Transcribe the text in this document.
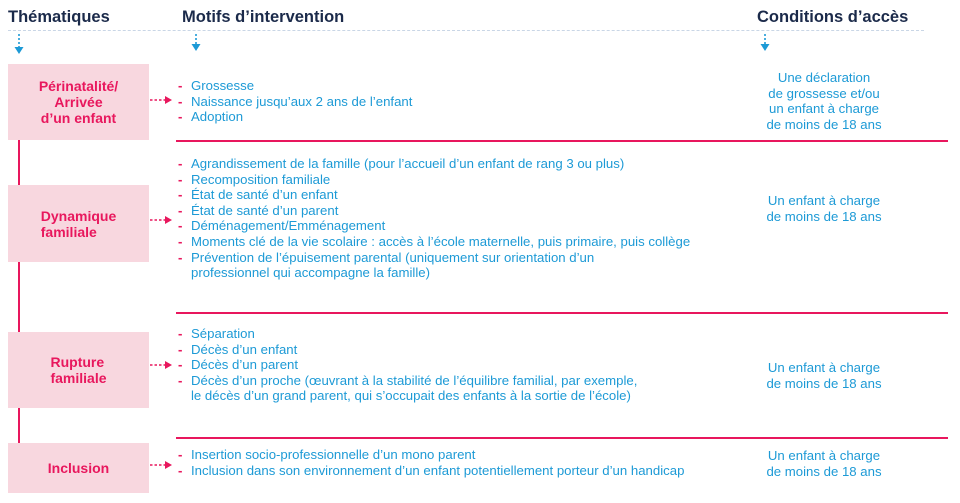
Thématiques	Motifs d’intervention	Conditions d’accès
Périnatalité/
Arrivée
d’un enfant
- Grossesse
- Naissance jusqu’aux 2 ans de l’enfant
- Adoption
Une déclaration
de grossesse et/ou
un enfant à charge
de moins de 18 ans
Dynamique
familiale
- Agrandissement de la famille (pour l’accueil d’un enfant de rang 3 ou plus)
- Recomposition familiale
- État de santé d’un enfant
- État de santé d’un parent
- Déménagement/Emménagement
- Moments clé de la vie scolaire : accès à l’école maternelle, puis primaire, puis collège
- Prévention de l’épuisement parental (uniquement sur orientation d’un professionnel qui accompagne la famille)
Un enfant à charge
de moins de 18 ans
Rupture
familiale
- Séparation
- Décès d’un enfant
- Décès d’un parent
- Décès d’un proche (œuvrant à la stabilité de l’équilibre familial, par exemple, le décès d’un grand parent, qui s’occupait des enfants à la sortie de l’école)
Un enfant à charge
de moins de 18 ans
Inclusion
- Insertion socio-professionnelle d’un mono parent
- Inclusion dans son environnement d’un enfant potentiellement porteur d’un handicap
Un enfant à charge
de moins de 18 ans
